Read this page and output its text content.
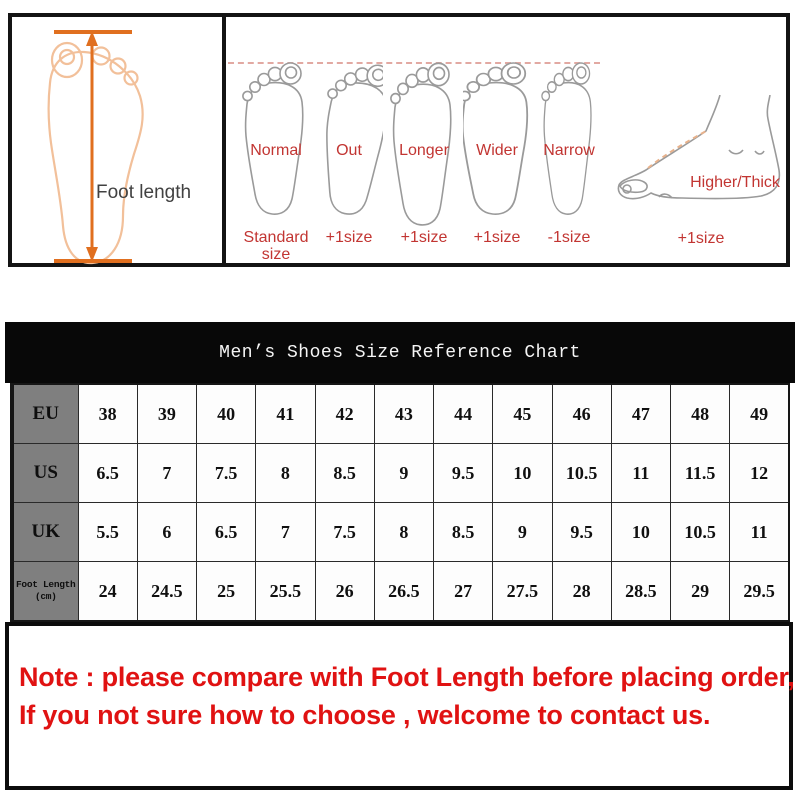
Foot length
Normal
Standard size
Out
+1size
Longer
+1size
Wider
+1size
Narrow
-1size
Higher/Thick
+1size
Men’s Shoes Size Reference Chart
EU	38	39	40	41	42	43	44	45	46	47	48	49
US	6.5	7	7.5	8	8.5	9	9.5	10	10.5	11	11.5	12
UK	5.5	6	6.5	7	7.5	8	8.5	9	9.5	10	10.5	11

Foot Length
(cm)	24	24.5	25	25.5	26	26.5	27	27.5	28	28.5	29	29.5
Note : please compare with Foot Length before placing order,
If you not sure how to choose , welcome to contact us.
